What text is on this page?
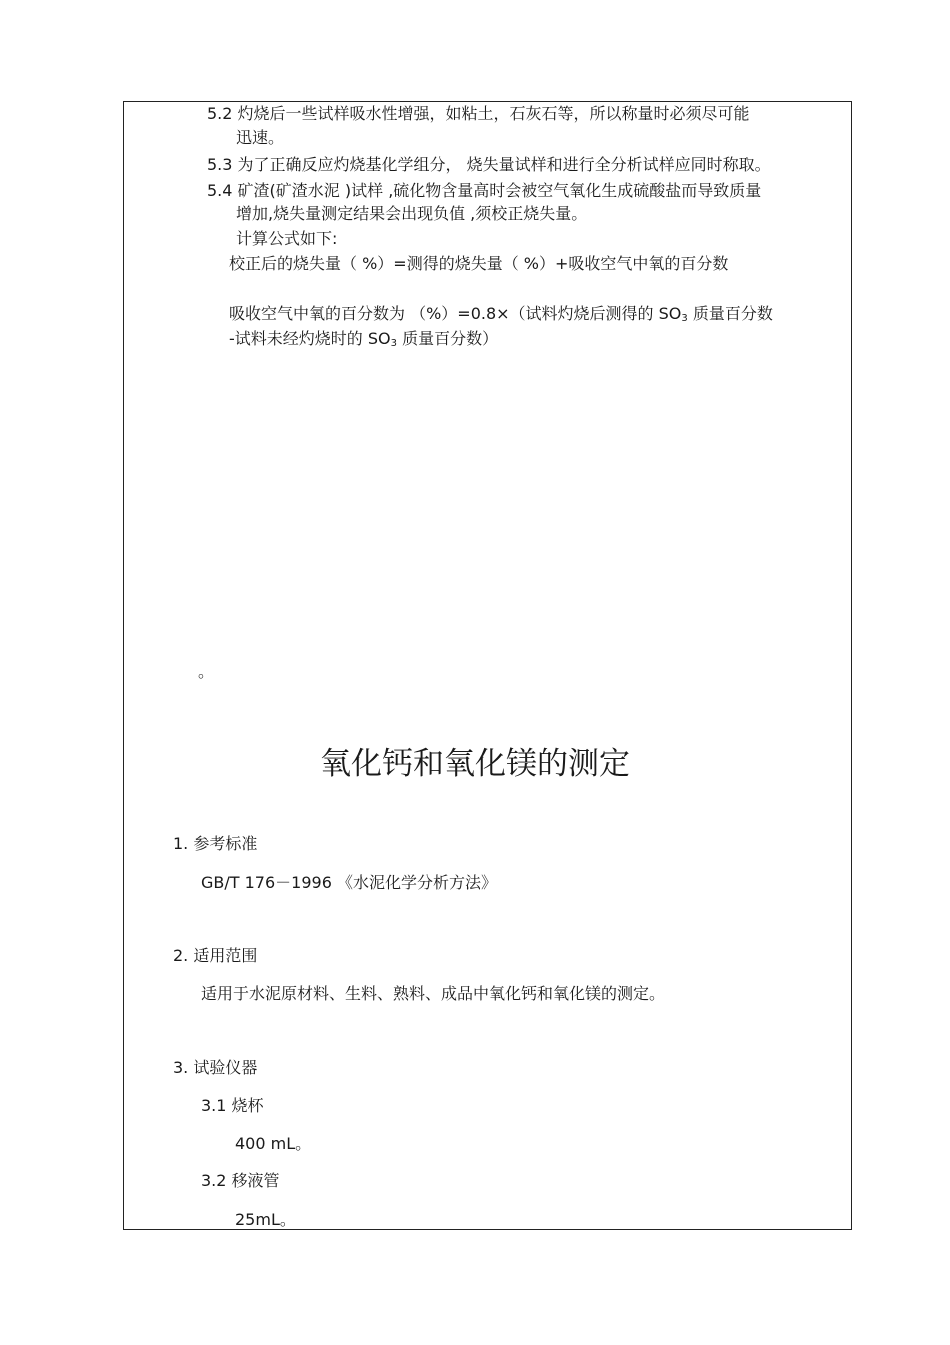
5.2 灼烧后一些试样吸水性增强，如粘土，石灰石等，所以称量时必须尽可能
迅速。
5.3 为了正确反应灼烧基化学组分， 烧失量试样和进行全分析试样应同时称取。
5.4 矿渣(矿渣水泥 )试样 ,硫化物含量高时会被空气氧化生成硫酸盐而导致质量
增加,烧失量测定结果会出现负值 ,须校正烧失量。
计算公式如下:
校正后的烧失量（ %）=测得的烧失量（ %）+吸收空气中氧的百分数
吸收空气中氧的百分数为 （%）=0.8×（试料灼烧后测得的 $SO_3$ 质量百分数
-试料未经灼烧时的 $SO_3$ 质量百分数）
。
氧化钙和氧化镁的测定
1. 参考标准
GB/T 176－1996 《水泥化学分析方法》
2. 适用范围
适用于水泥原材料、生料、熟料、成品中氧化钙和氧化镁的测定。
3. 试验仪器
3.1 烧杯
400 mL。
3.2 移液管
25mL。
